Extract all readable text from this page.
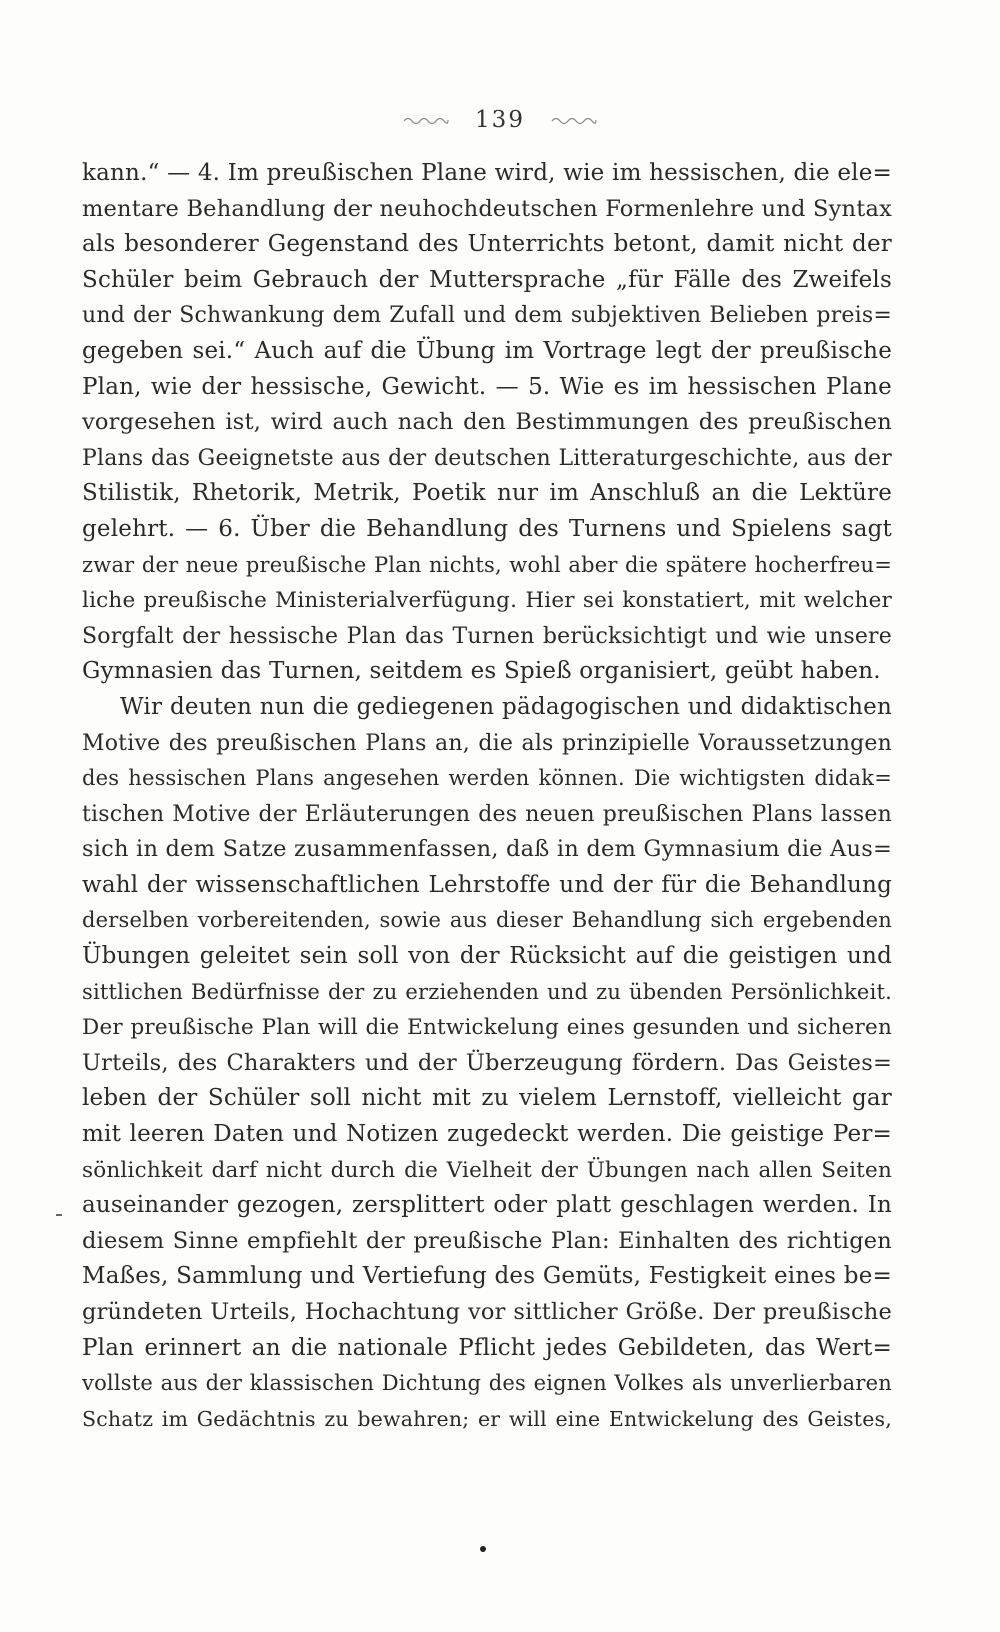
139
kann.“ — 4. Im preußischen Plane wird, wie im hessischen, die ele=
mentare Behandlung der neuhochdeutschen Formenlehre und Syntax
als besonderer Gegenstand des Unterrichts betont, damit nicht der
Schüler beim Gebrauch der Muttersprache „für Fälle des Zweifels
und der Schwankung dem Zufall und dem subjektiven Belieben preis=
gegeben sei.“ Auch auf die Übung im Vortrage legt der preußische
Plan, wie der hessische, Gewicht. — 5. Wie es im hessischen Plane
vorgesehen ist, wird auch nach den Bestimmungen des preußischen
Plans das Geeignetste aus der deutschen Litteraturgeschichte, aus der
Stilistik, Rhetorik, Metrik, Poetik nur im Anschluß an die Lektüre
gelehrt. — 6. Über die Behandlung des Turnens und Spielens sagt
zwar der neue preußische Plan nichts, wohl aber die spätere hocherfreu=
liche preußische Ministerialverfügung. Hier sei konstatiert, mit welcher
Sorgfalt der hessische Plan das Turnen berücksichtigt und wie unsere
Gymnasien das Turnen, seitdem es Spieß organisiert, geübt haben.
Wir deuten nun die gediegenen pädagogischen und didaktischen
Motive des preußischen Plans an, die als prinzipielle Voraussetzungen
des hessischen Plans angesehen werden können. Die wichtigsten didak=
tischen Motive der Erläuterungen des neuen preußischen Plans lassen
sich in dem Satze zusammenfassen, daß in dem Gymnasium die Aus=
wahl der wissenschaftlichen Lehrstoffe und der für die Behandlung
derselben vorbereitenden, sowie aus dieser Behandlung sich ergebenden
Übungen geleitet sein soll von der Rücksicht auf die geistigen und
sittlichen Bedürfnisse der zu erziehenden und zu übenden Persönlichkeit.
Der preußische Plan will die Entwickelung eines gesunden und sicheren
Urteils, des Charakters und der Überzeugung fördern. Das Geistes=
leben der Schüler soll nicht mit zu vielem Lernstoff, vielleicht gar
mit leeren Daten und Notizen zugedeckt werden. Die geistige Per=
sönlichkeit darf nicht durch die Vielheit der Übungen nach allen Seiten
auseinander gezogen, zersplittert oder platt geschlagen werden. In
diesem Sinne empfiehlt der preußische Plan: Einhalten des richtigen
Maßes, Sammlung und Vertiefung des Gemüts, Festigkeit eines be=
gründeten Urteils, Hochachtung vor sittlicher Größe. Der preußische
Plan erinnert an die nationale Pflicht jedes Gebildeten, das Wert=
vollste aus der klassischen Dichtung des eignen Volkes als unverlierbaren
Schatz im Gedächtnis zu bewahren; er will eine Entwickelung des Geistes,
